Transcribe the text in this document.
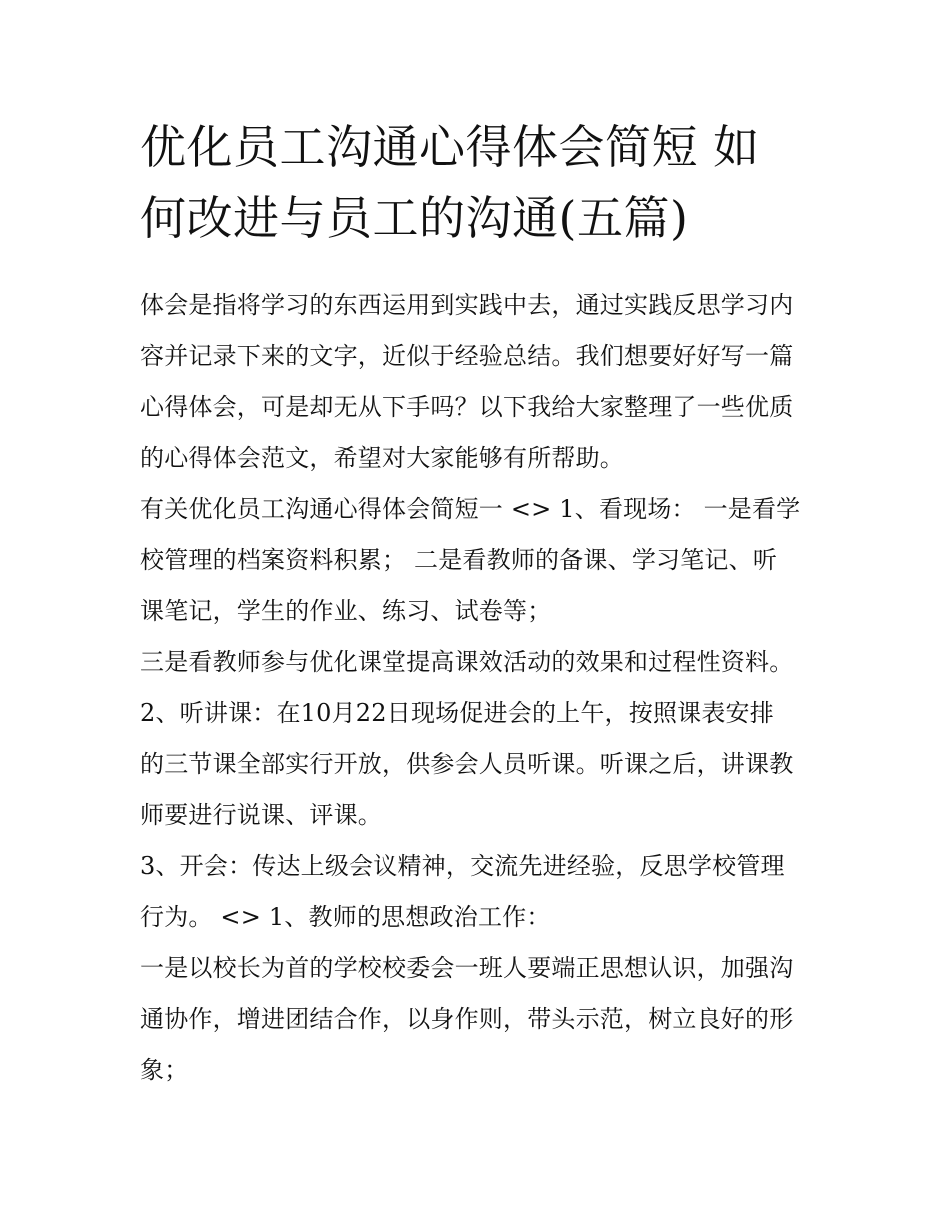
优化员工沟通心得体会简短 如
何改进与员工的沟通(五篇)

体会是指将学习的东西运用到实践中去，通过实践反思学习内
容并记录下来的文字，近似于经验总结。我们想要好好写一篇
心得体会，可是却无从下手吗？以下我给大家整理了一些优质
的心得体会范文，希望对大家能够有所帮助。

有关优化员工沟通心得体会简短一 <> 1、看现场： 一是看学
校管理的档案资料积累； 二是看教师的备课、学习笔记、听
课笔记，学生的作业、练习、试卷等；

三是看教师参与优化课堂提高课效活动的效果和过程性资料。

2、听讲课：在10月22日现场促进会的上午，按照课表安排
的三节课全部实行开放，供参会人员听课。听课之后，讲课教
师要进行说课、评课。

3、开会：传达上级会议精神，交流先进经验，反思学校管理
行为。 <> 1、教师的思想政治工作：

一是以校长为首的学校校委会一班人要端正思想认识，加强沟
通协作，增进团结合作，以身作则，带头示范，树立良好的形
象；
